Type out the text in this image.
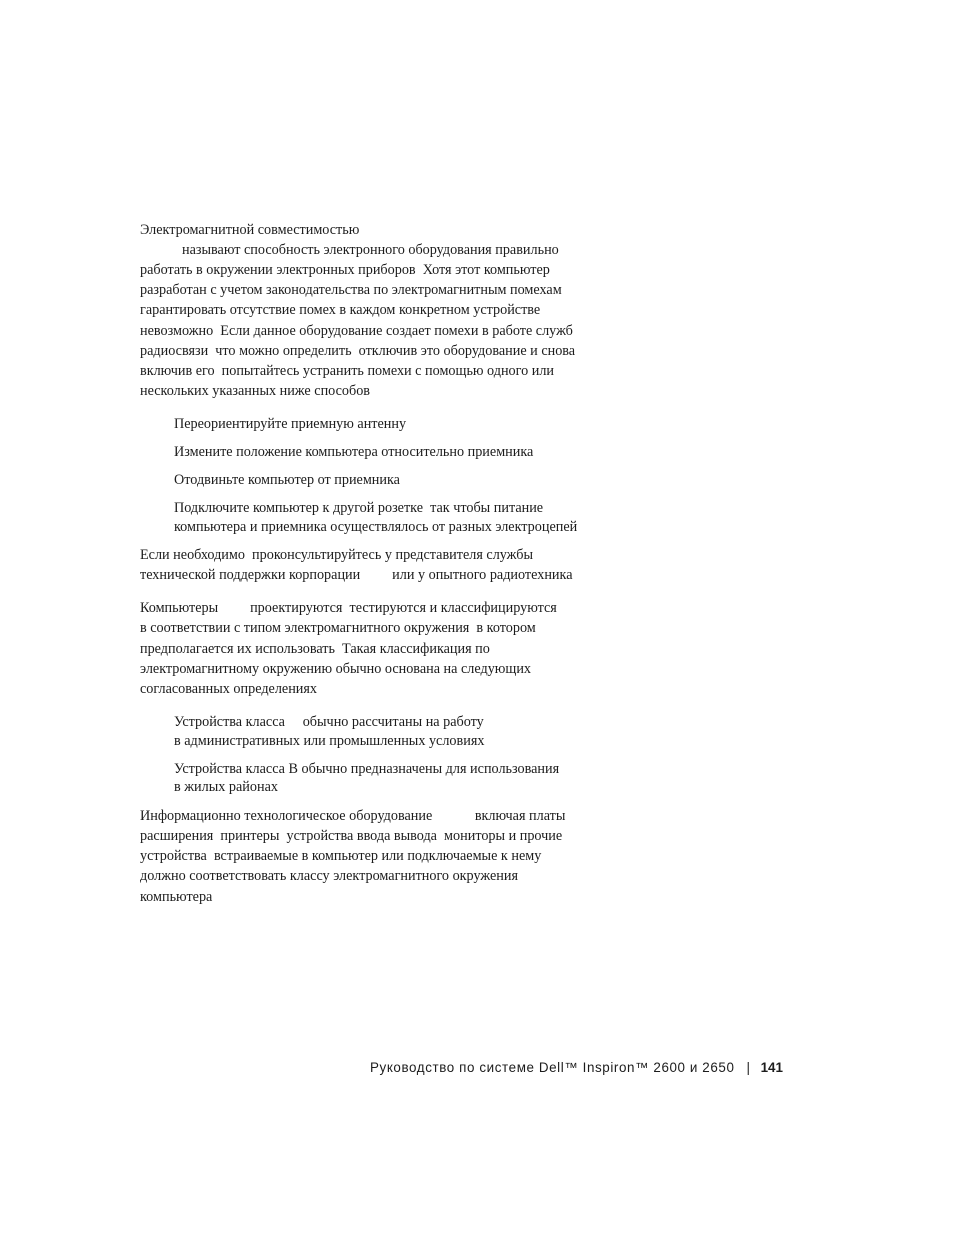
Электромагнитной совместимостью
называют способность электронного оборудования правильно
работать в окружении электронных приборов  Хотя этот компьютер
разработан с учетом законодательства по электромагнитным помехам
гарантировать отсутствие помех в каждом конкретном устройстве
невозможно  Если данное оборудование создает помехи в работе служб
радиосвязи  что можно определить  отключив это оборудование и снова
включив его  попытайтесь устранить помехи с помощью одного или
нескольких указанных ниже способов
Переориентируйте приемную антенну
Измените положение компьютера относительно приемника
Отодвиньте компьютер от приемника
Подключите компьютер к другой розетке  так чтобы питание
компьютера и приемника осуществлялось от разных электроцепей
Если необходимо  проконсультируйтесь у представителя службы
технической поддержки корпорации         или у опытного радиотехника
Компьютеры         проектируются  тестируются и классифицируются
в соответствии с типом электромагнитного окружения  в котором
предполагается их использовать  Такая классификация по
электромагнитному окружению обычно основана на следующих
согласованных определениях
Устройства класса     обычно рассчитаны на работу
в административных или промышленных условиях
Устройства класса B обычно предназначены для использования
в жилых районах
Информационно технологическое оборудование            включая платы
расширения  принтеры  устройства ввода вывода  мониторы и прочие
устройства  встраиваемые в компьютер или подключаемые к нему
должно соответствовать классу электромагнитного окружения
компьютера
Руководство по системе Dell™ Inspiron™ 2600 и 2650 | 141
